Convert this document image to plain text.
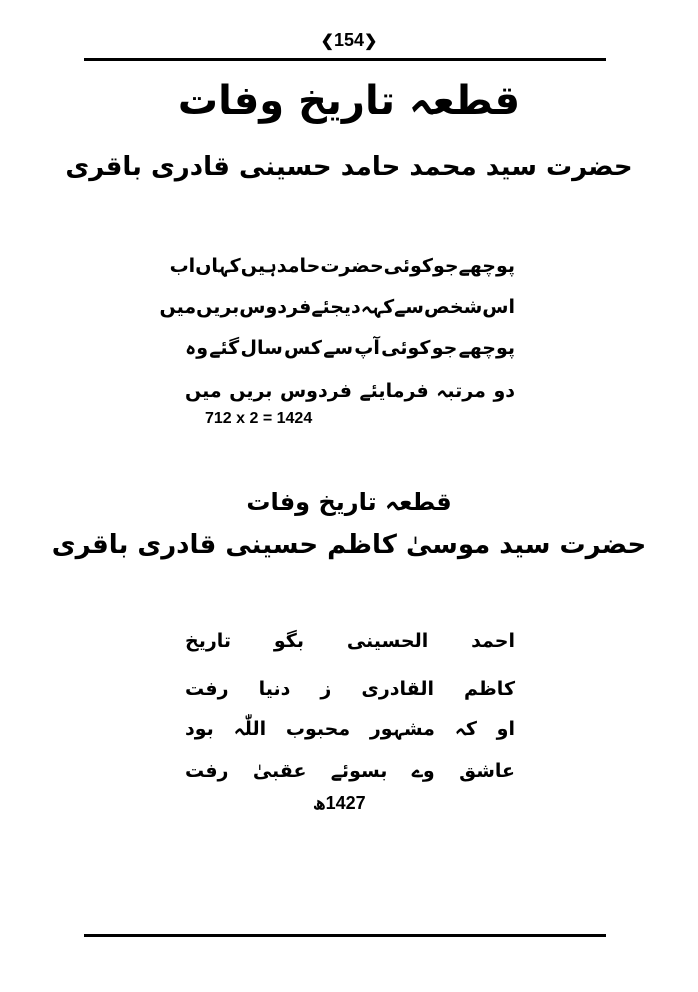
❮154❯
قطعہ تاریخ وفات
حضرت سید محمد حامد حسینی قادری باقری
پوچھے
جو
کوئی
حضرت
حامد
ہیں
کہاں
اب
اس
شخص
سے
کہہ
دیجئے
فردوس
بریں
میں
پوچھے
جو
کوئی
آپ
سے
کس
سال
گئے
وہ
دو
مرتبہ
فرمایئے
فردوس
بریں
میں
712 x 2 = 1424
قطعہ تاریخ وفات
حضرت سید موسیٰ کاظم حسینی قادری باقری
احمد
الحسینی
بگو
تاریخ
کاظم
القادری
ز
دنیا
رفت
او
کہ
مشہور
محبوب
اللّٰہ
بود
عاشق
وے
بسوئے
عقبیٰ
رفت
1427ھ
